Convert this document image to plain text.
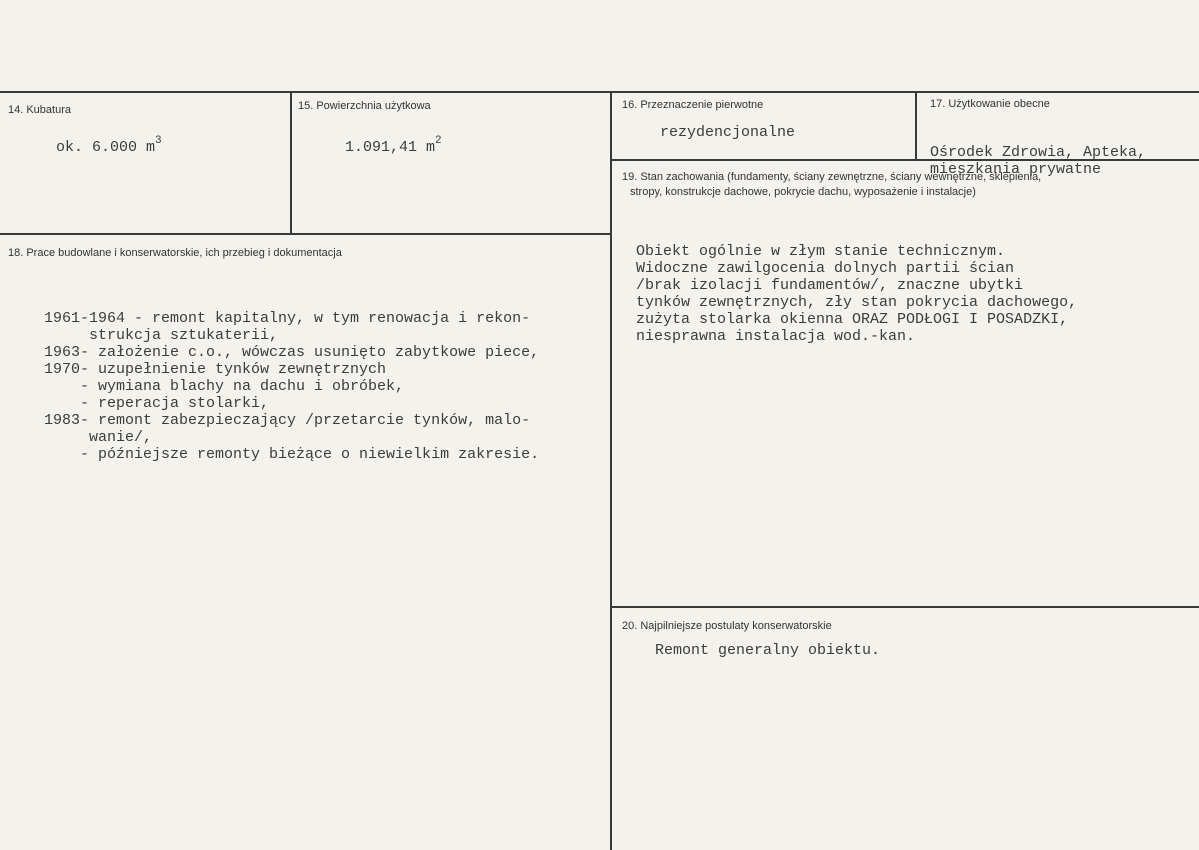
14. Kubatura
ok. 6.000 $m^3$
15. Powierzchnia użytkowa
1.091,41 $m^2$
16. Przeznaczenie pierwotne
rezydencjonalne
17. Użytkowanie obecne

Ośrodek Zdrowia, Apteka,
mieszkania prywatne

18. Prace budowlane i konserwatorskie, ich przebieg i dokumentacja

1961-1964 - remont kapitalny, w tym renowacja i rekon-
strukcja sztukaterii,
1963- założenie c.o., wówczas usunięto zabytkowe piece,
1970- uzupełnienie tynków zewnętrznych
- wymiana blachy na dachu i obróbek,
- reperacja stolarki,
1983- remont zabezpieczający /przetarcie tynków, malo-
wanie/,
- późniejsze remonty bieżące o niewielkim zakresie.

19. Stan zachowania (fundamenty, ściany zewnętrzne, ściany wewnętrzne, sklepienia,
stropy, konstrukcje dachowe, pokrycie dachu, wyposażenie i instalacje)

Obiekt ogólnie w złym stanie technicznym.
Widoczne zawilgocenia dolnych partii ścian
/brak izolacji fundamentów/, znaczne ubytki
tynków zewnętrznych, zły stan pokrycia dachowego,
zużyta stolarka okienna ORAZ PODŁOGI I POSADZKI,
niesprawna instalacja wod.-kan.

20. Najpilniejsze postulaty konserwatorskie
Remont generalny obiektu.
